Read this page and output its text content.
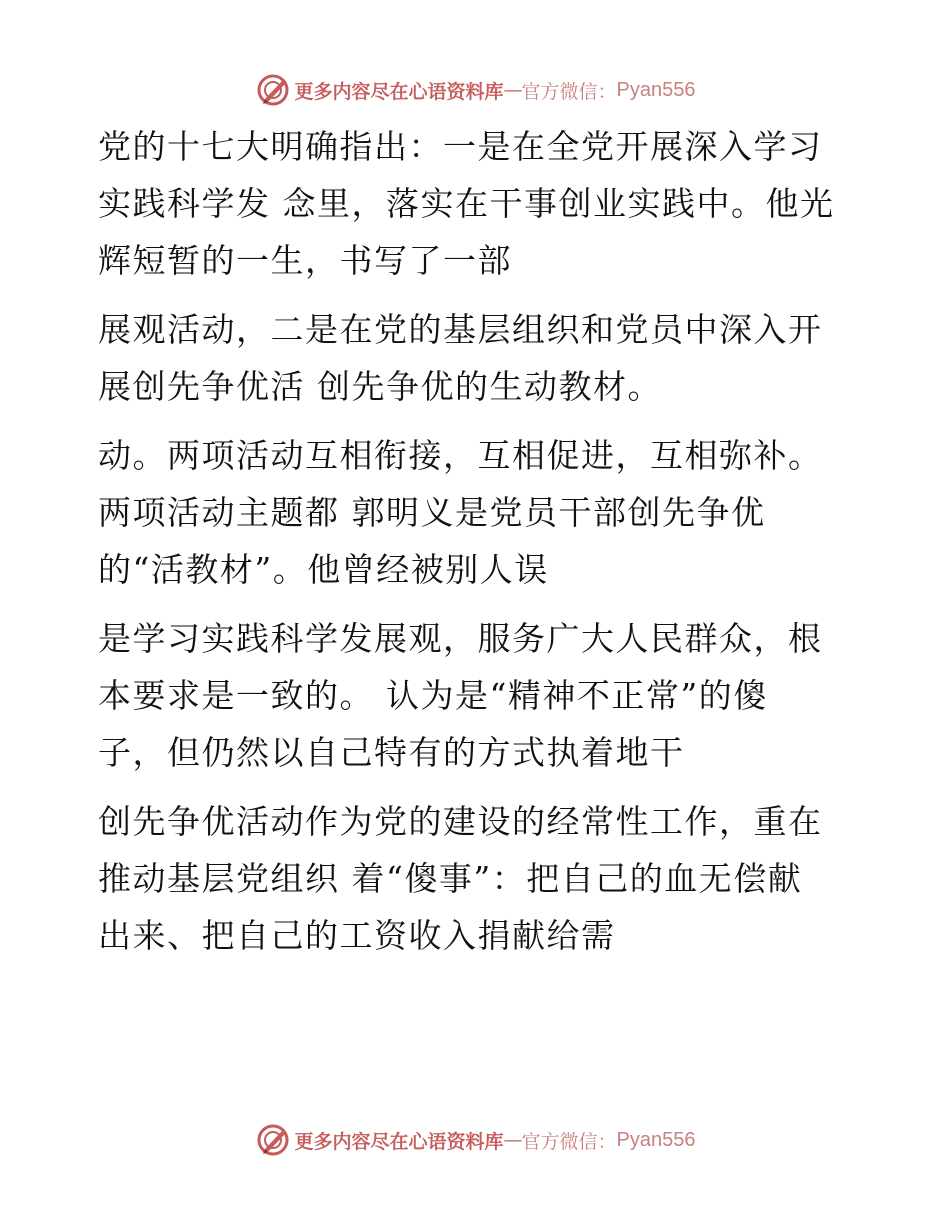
更多内容尽在心语资料库 — 官方微信： Pyan556

党的十七大明确指出：一是在全党开展深入学习
实践科学发 念里，落实在干事创业实践中。他光
辉短暂的一生，书写了一部

展观活动，二是在党的基层组织和党员中深入开
展创先争优活 创先争优的生动教材。

动。两项活动互相衔接，互相促进，互相弥补。
两项活动主题都 郭明义是党员干部创先争优
的“活教材”。他曾经被别人误

是学习实践科学发展观，服务广大人民群众，根
本要求是一致的。 认为是“精神不正常”的傻
子，但仍然以自己特有的方式执着地干

创先争优活动作为党的建设的经常性工作，重在
推动基层党组织 着“傻事”：把自己的血无偿献
出来、把自己的工资收入捐献给需

更多内容尽在心语资料库 — 官方微信： Pyan556
